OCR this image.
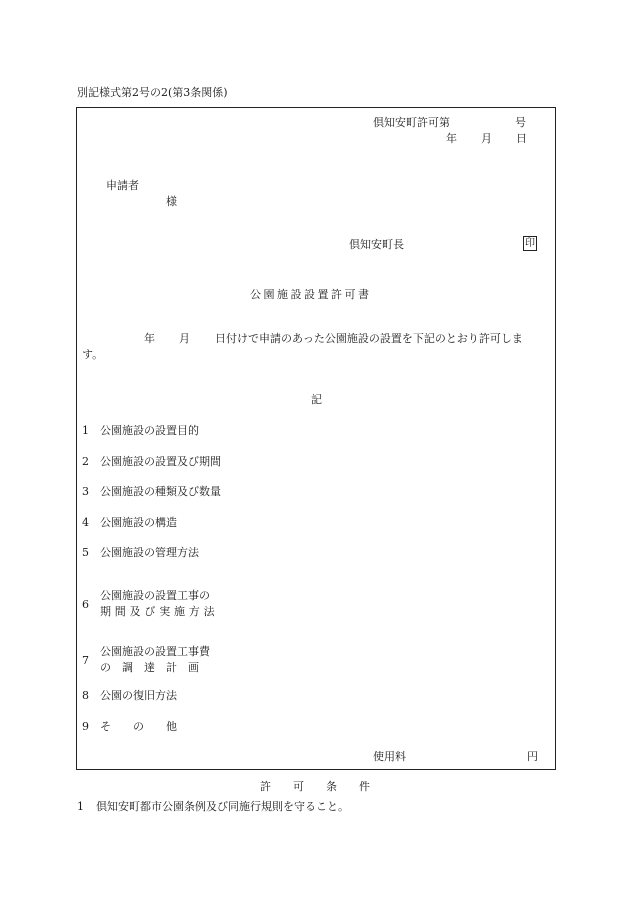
別記様式第2号の2(第3条関係)
倶知安町許可第	号
年 月 日
申請者
様
倶知安町長	印
公園施設設置許可書
年 月 日付けで申請のあった公園施設の設置を下記のとおり許可しま
す。
記
1 公園施設の設置目的
2 公園施設の設置及び期間
3 公園施設の種類及び数量
4 公園施設の構造
5 公園施設の管理方法
6
公園施設の設置工事の
期間及び実施方法
7
公園施設の設置工事費
の　調　達　計　画
8 公園の復旧方法
9 そ　　の　　他
使用料	円
許　　可　　条　　件
1 倶知安町都市公園条例及び同施行規則を守ること。
